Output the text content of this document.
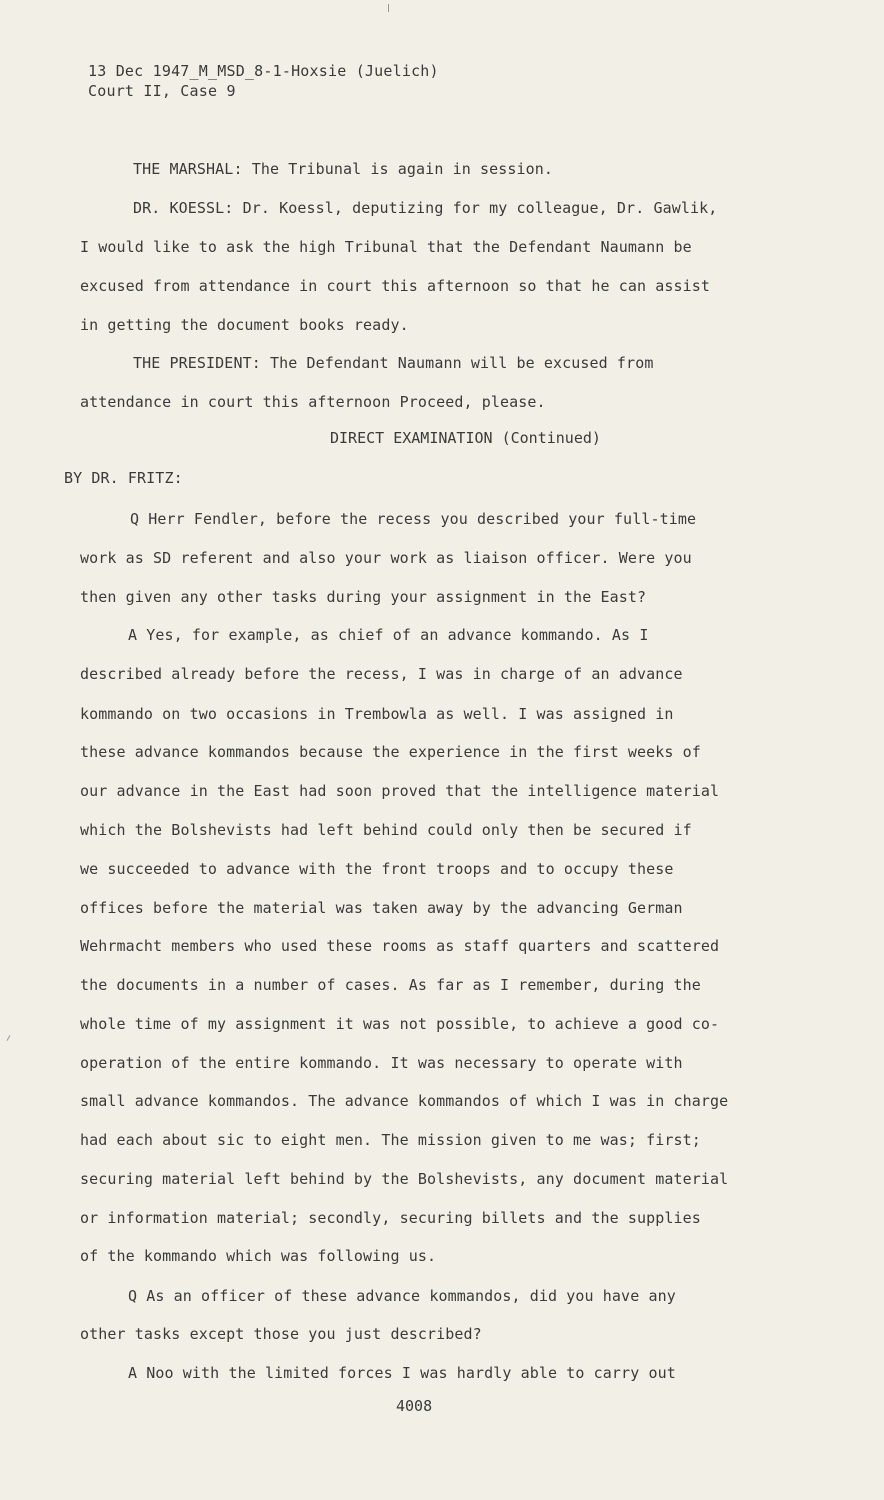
13 Dec 1947_M_MSD_8-1-Hoxsie (Juelich)
Court II, Case 9
THE MARSHAL: The Tribunal is again in session.
DR. KOESSL: Dr. Koessl, deputizing for my colleague, Dr. Gawlik,
I would like to ask the high Tribunal that the Defendant Naumann be
excused from attendance in court this afternoon so that he can assist
in getting the document books ready.
THE PRESIDENT: The Defendant Naumann will be excused from
attendance in court this afternoon Proceed, please.
DIRECT EXAMINATION (Continued)
BY DR. FRITZ:
Q Herr Fendler, before the recess you described your full-time
work as SD referent and also your work as liaison officer. Were you
then given any other tasks during your assignment in the East?
A Yes, for example, as chief of an advance kommando. As I
described already before the recess, I was in charge of an advance
kommando on two occasions in Trembowla as well. I was assigned in
these advance kommandos because the experience in the first weeks of
our advance in the East had soon proved that the intelligence material
which the Bolshevists had left behind could only then be secured if
we succeeded to advance with the front troops and to occupy these
offices before the material was taken away by the advancing German
Wehrmacht members who used these rooms as staff quarters and scattered
the documents in a number of cases. As far as I remember, during the
whole time of my assignment it was not possible, to achieve a good co-
operation of the entire kommando. It was necessary to operate with
small advance kommandos. The advance kommandos of which I was in charge
had each about sic to eight men. The mission given to me was; first;
securing material left behind by the Bolshevists, any document material
or information material; secondly, securing billets and the supplies
of the kommando which was following us.
Q As an officer of these advance kommandos, did you have any
other tasks except those you just described?
A Noo with the limited forces I was hardly able to carry out
4008
